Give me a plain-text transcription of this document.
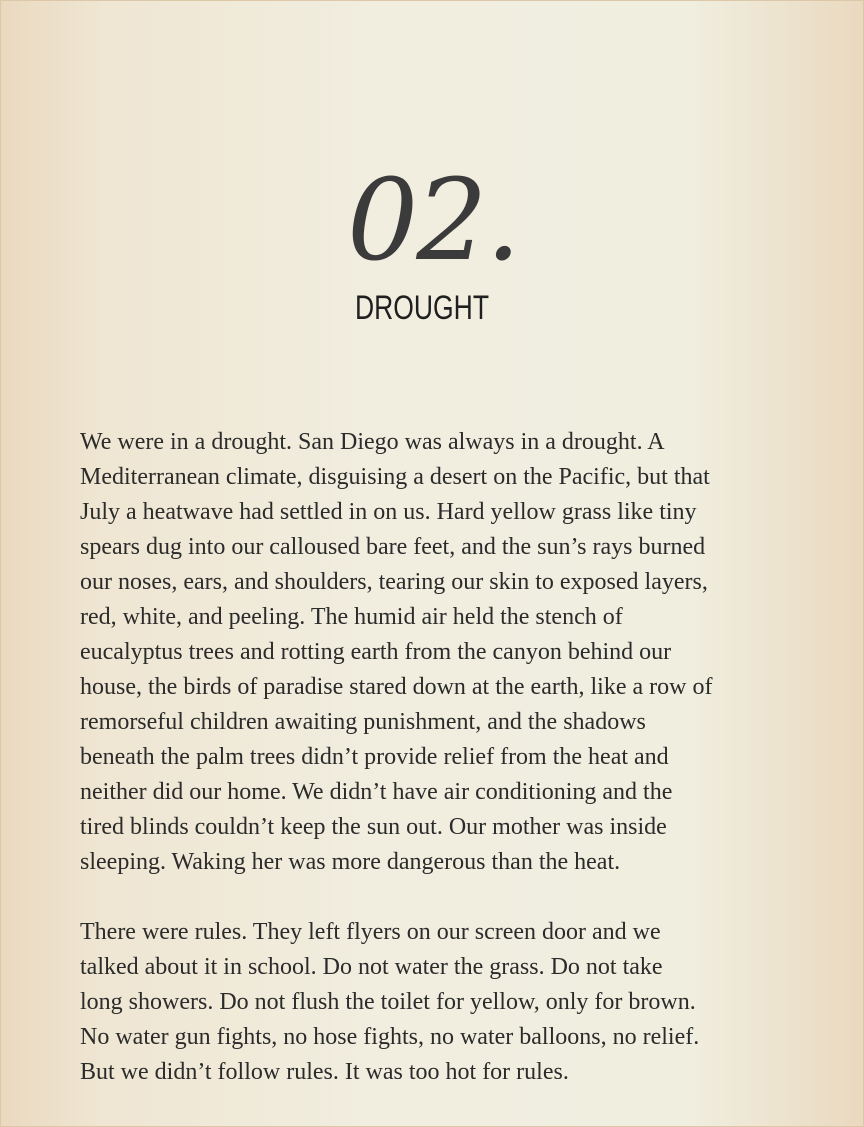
02.
DROUGHT

We were in a drought. San Diego was always in a drought. A
Mediterranean climate, disguising a desert on the Pacific, but that
July a heatwave had settled in on us. Hard yellow grass like tiny
spears dug into our calloused bare feet, and the sun’s rays burned
our noses, ears, and shoulders, tearing our skin to exposed layers,
red, white, and peeling. The humid air held the stench of
eucalyptus trees and rotting earth from the canyon behind our
house, the birds of paradise stared down at the earth, like a row of
remorseful children awaiting punishment, and the shadows
beneath the palm trees didn’t provide relief from the heat and
neither did our home. We didn’t have air conditioning and the
tired blinds couldn’t keep the sun out. Our mother was inside
sleeping. Waking her was more dangerous than the heat.

There were rules. They left flyers on our screen door and we
talked about it in school. Do not water the grass. Do not take
long showers. Do not flush the toilet for yellow, only for brown.
No water gun fights, no hose fights, no water balloons, no relief.
But we didn’t follow rules. It was too hot for rules.
